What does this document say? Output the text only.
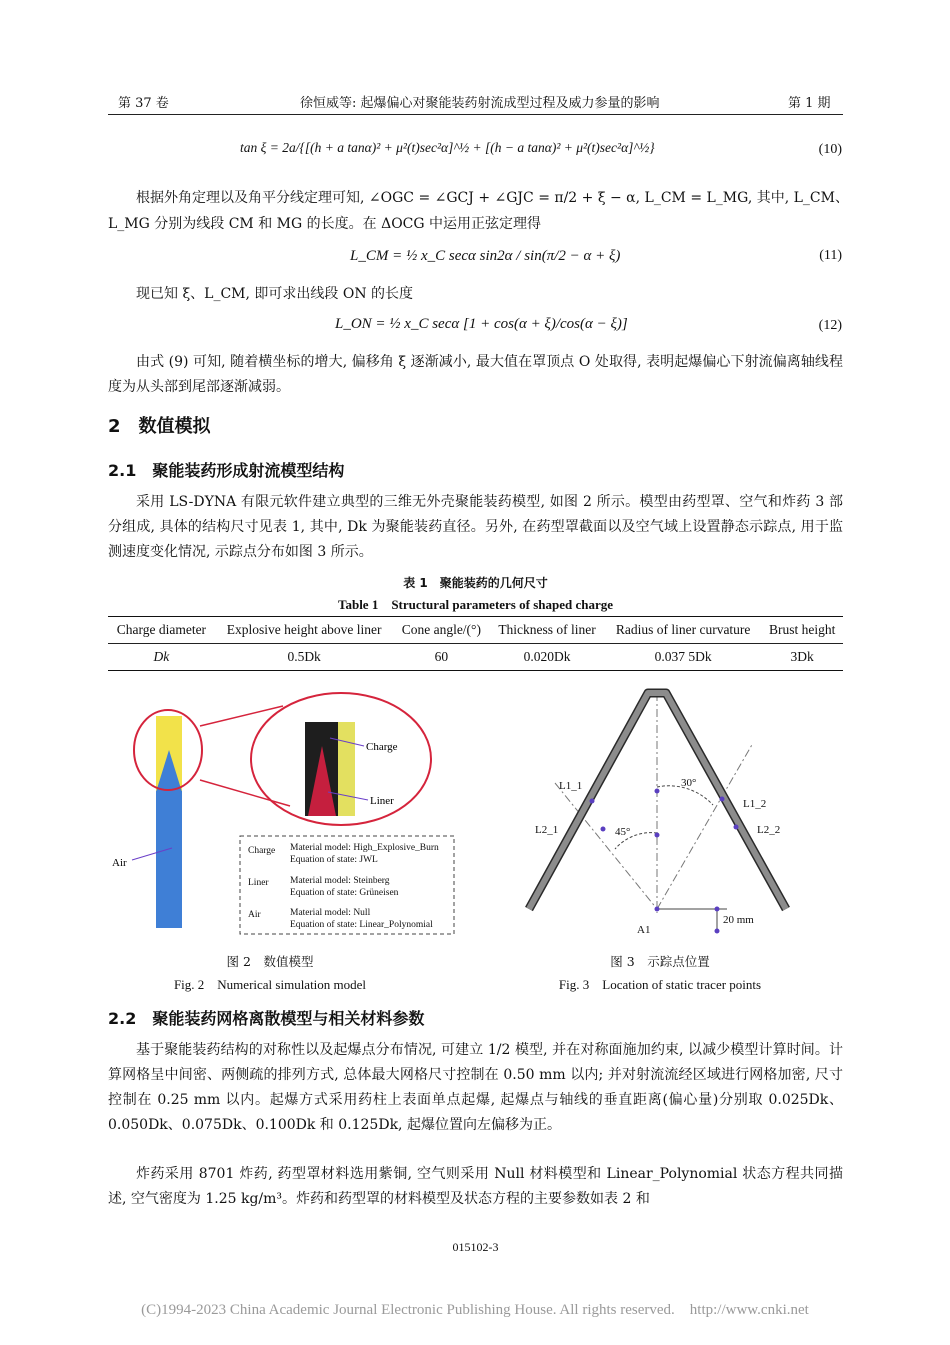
第 37 卷	徐恒威等: 起爆偏心对聚能装药射流成型过程及威力参量的影响	第 1 期
tan ξ = 2a/{[(h + a tanα)² + μ²(t)sec²α]^½ + [(h − a tanα)² + μ²(t)sec²α]^½}	(10)
根据外角定理以及角平分线定理可知, ∠OGC = ∠GCJ + ∠GJC = π/2 + ξ − α, L_CM = L_MG, 其中, L_CM、
L_MG 分别为线段 CM 和 MG 的长度。在 ΔOCG 中运用正弦定理得
L_CM = ½ x_C secα sin2α / sin(π/2 − α + ξ)	(11)
现已知 ξ、L_CM, 即可求出线段 ON 的长度
L_ON = ½ x_C secα [1 + cos(α + ξ)/cos(α − ξ)]	(12)
由式 (9) 可知, 随着横坐标的增大, 偏移角 ξ 逐渐减小, 最大值在罩顶点 O 处取得, 表明起爆偏心下射流偏离轴线程度为从头部到尾部逐渐减弱。
2　数值模拟
2.1　聚能装药形成射流模型结构
采用 LS-DYNA 有限元软件建立典型的三维无外壳聚能装药模型, 如图 2 所示。模型由药型罩、空气和炸药 3 部分组成, 具体的结构尺寸见表 1, 其中, Dk 为聚能装药直径。另外, 在药型罩截面以及空气域上设置静态示踪点, 用于监测速度变化情况, 示踪点分布如图 3 所示。
表 1　聚能装药的几何尺寸
Table 1　Structural parameters of shaped charge
Charge diameter	Explosive height above liner	Cone angle/(°)	Thickness of liner	Radius of liner curvature	Brust height
Dk	0.5Dk	60	0.020Dk	0.037 5Dk	3Dk
Charge
Liner
Air
Charge Material model: High_Explosive_Burn
Equation of state: JWL
Liner Material model: Steinberg
Equation of state: Grüneisen
Air	Material model: Null
Equation of state: Linear_Polynomial
图 2　数值模型
Fig. 2　Numerical simulation model
L1_1
L2_1
L1_2
L2_2
30°
45°
A1
20 mm
图 3　示踪点位置
Fig. 3　Location of static tracer points
2.2　聚能装药网格离散模型与相关材料参数
基于聚能装药结构的对称性以及起爆点分布情况, 可建立 1/2 模型, 并在对称面施加约束, 以减少模型计算时间。计算网格呈中间密、两侧疏的排列方式, 总体最大网格尺寸控制在 0.50 mm 以内; 并对射流流经区域进行网格加密, 尺寸控制在 0.25 mm 以内。起爆方式采用药柱上表面单点起爆, 起爆点与轴线的垂直距离(偏心量)分别取 0.025Dk、0.050Dk、0.075Dk、0.100Dk 和 0.125Dk, 起爆位置向左偏移为正。
炸药采用 8701 炸药, 药型罩材料选用紫铜, 空气则采用 Null 材料模型和 Linear_Polynomial 状态方程共同描述, 空气密度为 1.25 kg/m³。炸药和药型罩的材料模型及状态方程的主要参数如表 2 和
015102-3
(C)1994-2023 China Academic Journal Electronic Publishing House. All rights reserved.　http://www.cnki.net
